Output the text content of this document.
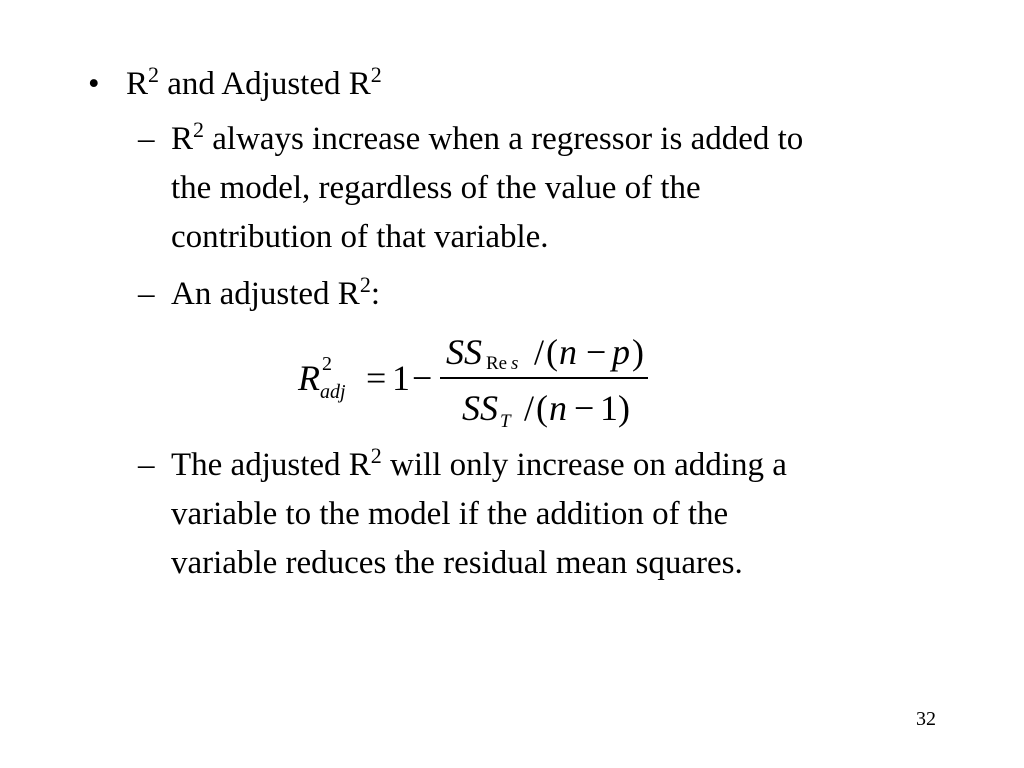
• $R^2$ and Adjusted $R^2$
– $R^2$ always increase when a regressor is added to
the model, regardless of the value of the
contribution of that variable.
– An adjusted $R^2$:
R 2
adj = 1 −
SS Re s / ( n − p )
SS T / ( n − 1 )
– The adjusted $R^2$ will only increase on adding a
variable to the model if the addition of the
variable reduces the residual mean squares.
32
